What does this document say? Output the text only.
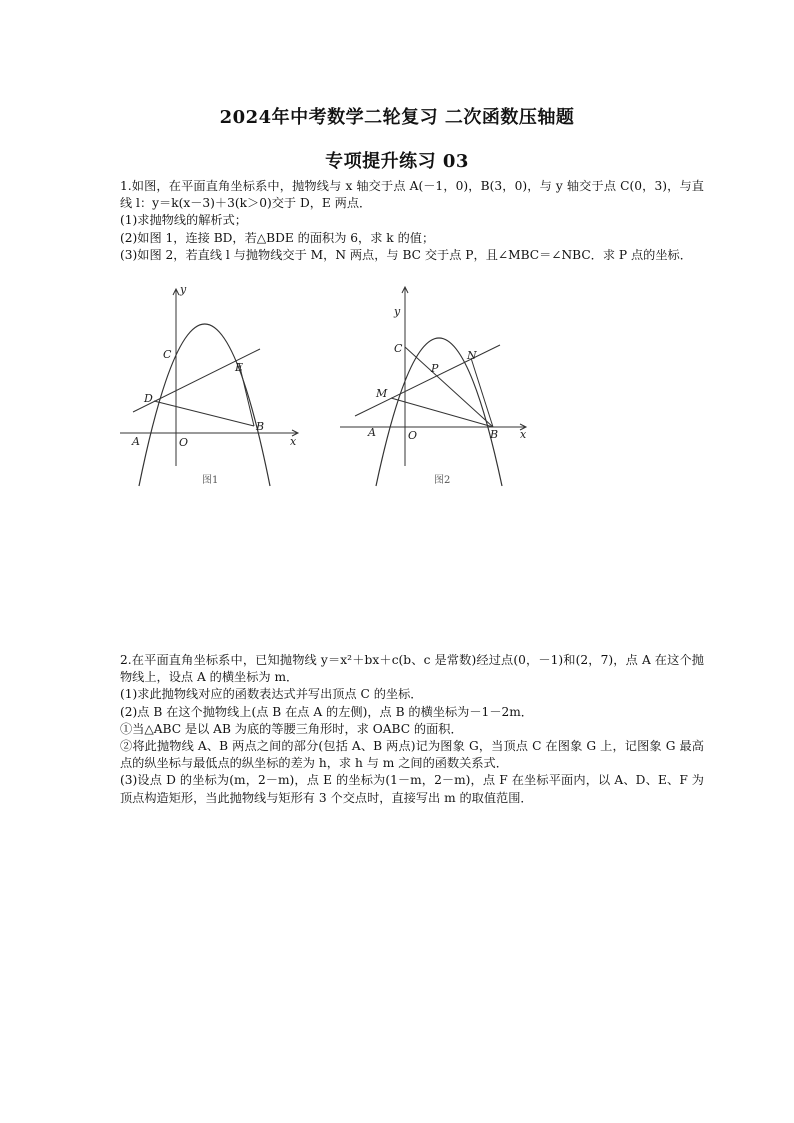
2024年中考数学二轮复习 二次函数压轴题
专项提升练习 03

1.如图，在平面直角坐标系中，抛物线与 x 轴交于点 A(－1，0)，B(3，0)，与 y 轴交于点 C(0，3)，与直线 l：y＝k(x－3)＋3(k＞0)交于 D，E 两点．

(1)求抛物线的解析式；

(2)如图 1，连接 BD，若△BDE 的面积为 6，求 k 的值；

(3)如图 2，若直线 l 与抛物线交于 M，N 两点，与 BC 交于点 P，且∠MBC＝∠NBC．求 P 点的坐标．

y
x
A	O
B
C
D
E
图1
y
x
A	O	B
C
M
P
N
图2

2.在平面直角坐标系中，已知抛物线 y＝x²＋bx＋c(b、c 是常数)经过点(0，－1)和(2，7)，点 A 在这个抛物线上，设点 A 的横坐标为 m．

(1)求此抛物线对应的函数表达式并写出顶点 C 的坐标．

(2)点 B 在这个抛物线上(点 B 在点 A 的左侧)，点 B 的横坐标为－1－2m．

①当△ABC 是以 AB 为底的等腰三角形时，求 OABC 的面积．

②将此抛物线 A、B 两点之间的部分(包括 A、B 两点)记为图象 G，当顶点 C 在图象 G 上，记图象 G 最高点的纵坐标与最低点的纵坐标的差为 h，求 h 与 m 之间的函数关系式．

(3)设点 D 的坐标为(m，2－m)，点 E 的坐标为(1－m，2－m)，点 F 在坐标平面内，以 A、D、E、F 为顶点构造矩形，当此抛物线与矩形有 3 个交点时，直接写出 m 的取值范围．
